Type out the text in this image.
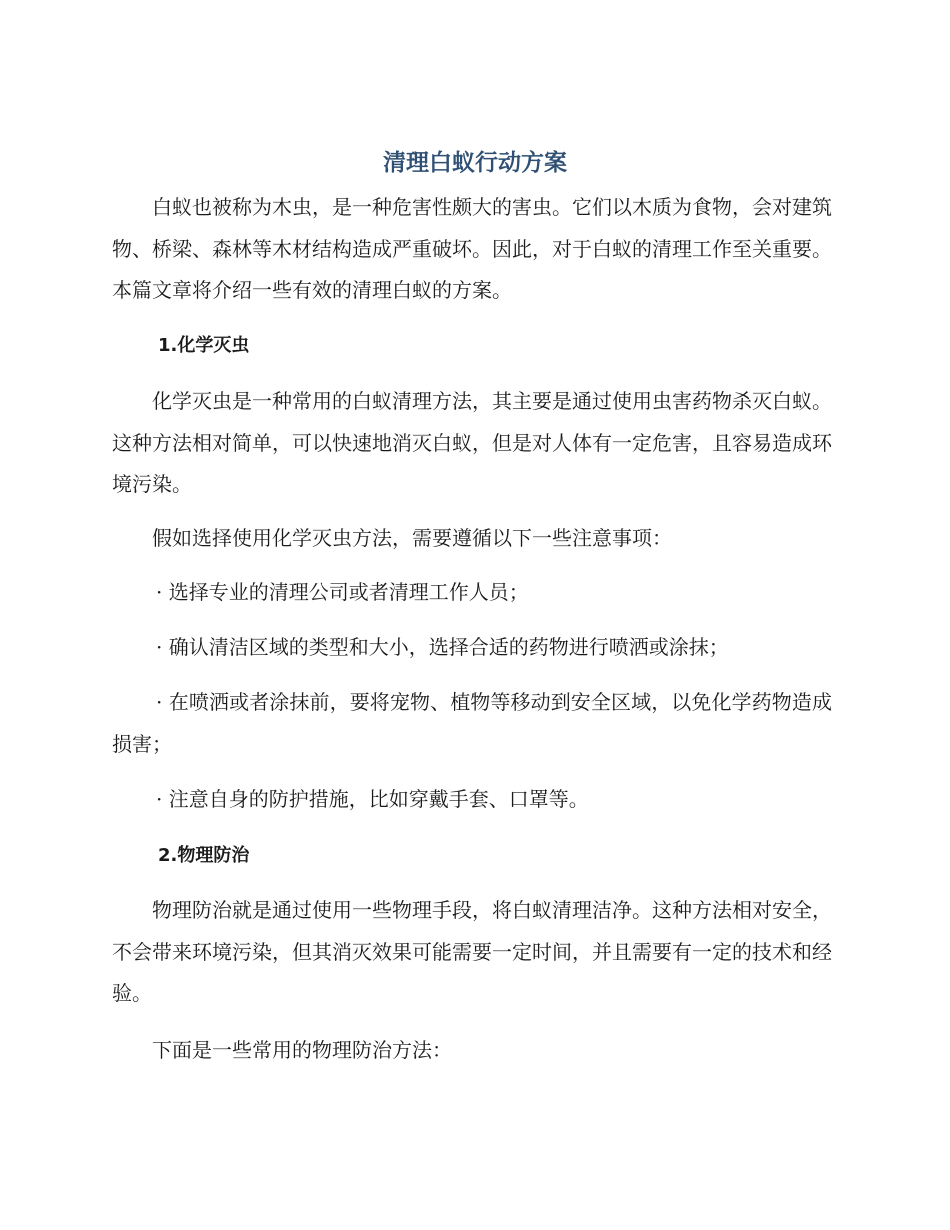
清理白蚁行动方案
白蚁也被称为木虫，是一种危害性颇大的害虫。它们以木质为食物，会对建筑物、桥梁、森林等木材结构造成严重破坏。因此，对于白蚁的清理工作至关重要。本篇文章将介绍一些有效的清理白蚁的方案。
1.化学灭虫
化学灭虫是一种常用的白蚁清理方法，其主要是通过使用虫害药物杀灭白蚁。这种方法相对简单，可以快速地消灭白蚁，但是对人体有一定危害，且容易造成环境污染。
假如选择使用化学灭虫方法，需要遵循以下一些注意事项：
· 选择专业的清理公司或者清理工作人员；
· 确认清洁区域的类型和大小，选择合适的药物进行喷洒或涂抹；
· 在喷洒或者涂抹前，要将宠物、植物等移动到安全区域，以免化学药物造成损害；
· 注意自身的防护措施，比如穿戴手套、口罩等。
2.物理防治
物理防治就是通过使用一些物理手段，将白蚁清理洁净。这种方法相对安全，不会带来环境污染，但其消灭效果可能需要一定时间，并且需要有一定的技术和经验。
下面是一些常用的物理防治方法：
